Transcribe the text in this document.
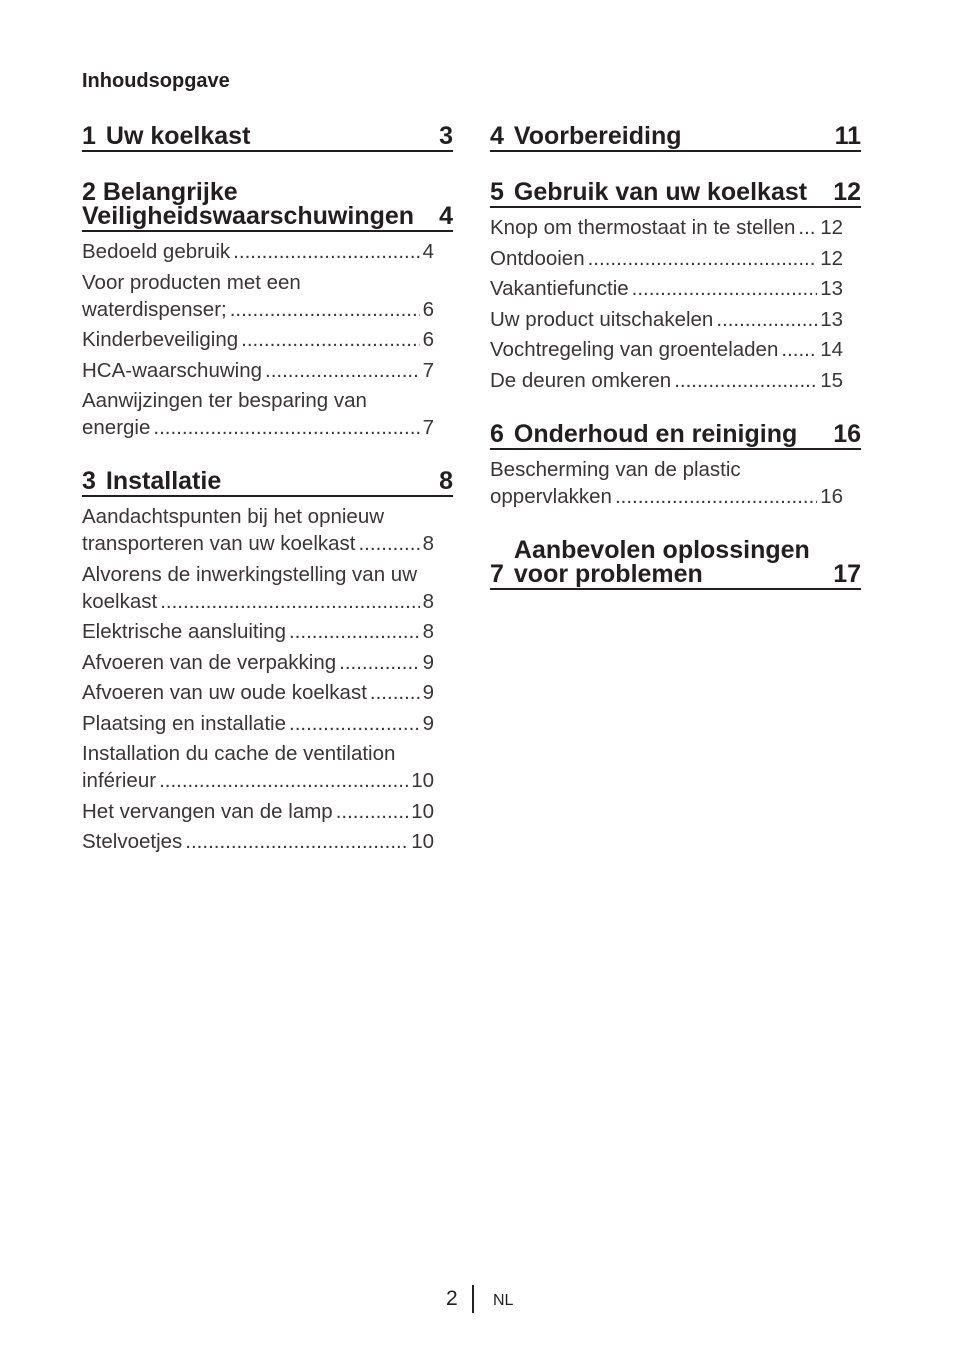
Inhoudsopgave
1 Uw koelkast	3
2 Belangrijke
Veiligheidswaarschuwingen	4
Bedoeld gebruik .....	4
Voor producten met een
waterdispenser; .....	6
Kinderbeveiliging .....	6
HCA-waarschuwing .....	7
Aanwijzingen ter besparing van
energie .....	7
3 Installatie	8
Aandachtspunten bij het opnieuw
transporteren van uw koelkast .....	8
Alvorens de inwerkingstelling van uw
koelkast .....	8
Elektrische aansluiting .....	8
Afvoeren van de verpakking .....	9
Afvoeren van uw oude koelkast .....	9
Plaatsing en installatie .....	9
Installation du cache de ventilation
inférieur .....	10
Het vervangen van de lamp .....	10
Stelvoetjes .....	10
4 Voorbereiding	11
5 Gebruik van uw koelkast	12
Knop om thermostaat in te stellen ..... 12
Ontdooien .....	12
Vakantiefunctie .....	13
Uw product uitschakelen .....	13
Vochtregeling van groenteladen ..... 14
De deuren omkeren .....	15
6 Onderhoud en reiniging	16
Bescherming van de plastic
oppervlakken .....	16
7
Aanbevolen oplossingen
voor problemen	17
2 NL
